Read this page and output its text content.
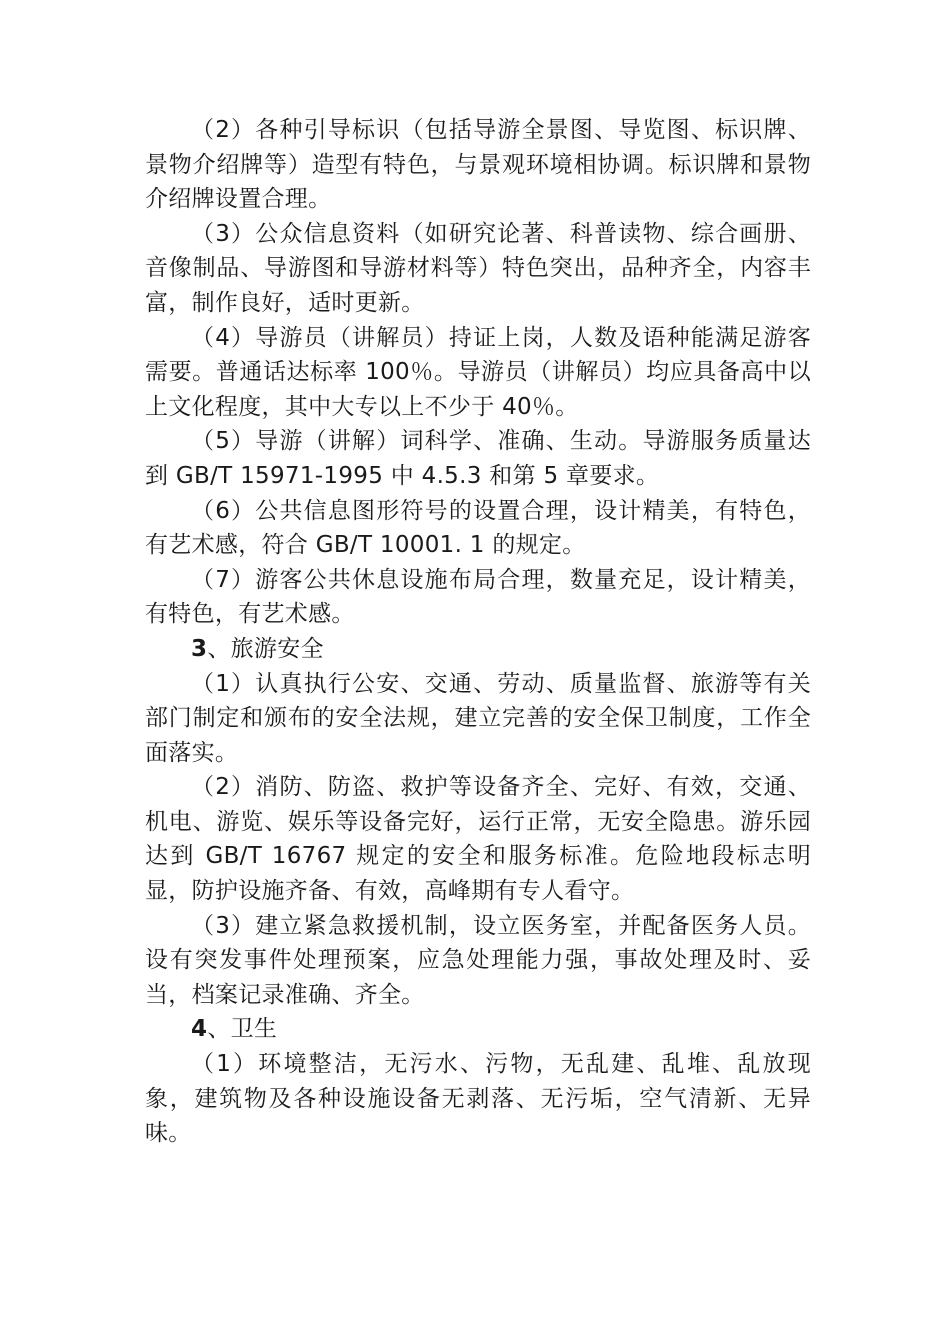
（2）各种引导标识（包括导游全景图、导览图、标识牌、景物介绍牌等）造型有特色，与景观环境相协调。标识牌和景物介绍牌设置合理。

（3）公众信息资料（如研究论著、科普读物、综合画册、音像制品、导游图和导游材料等）特色突出，品种齐全，内容丰富，制作良好，适时更新。

（4）导游员（讲解员）持证上岗，人数及语种能满足游客需要。普通话达标率 100％。导游员（讲解员）均应具备高中以上文化程度，其中大专以上不少于 40％。

（5）导游（讲解）词科学、准确、生动。导游服务质量达到 GB/T 15971-1995 中 4.5.3 和第 5 章要求。

（6）公共信息图形符号的设置合理，设计精美，有特色，有艺术感，符合 GB/T 10001. 1 的规定。

（7）游客公共休息设施布局合理，数量充足，设计精美，有特色，有艺术感。

3、旅游安全

（1）认真执行公安、交通、劳动、质量监督、旅游等有关部门制定和颁布的安全法规，建立完善的安全保卫制度，工作全面落实。

（2）消防、防盗、救护等设备齐全、完好、有效，交通、机电、游览、娱乐等设备完好，运行正常，无安全隐患。游乐园达到 GB/T 16767 规定的安全和服务标准。危险地段标志明显，防护设施齐备、有效，高峰期有专人看守。

（3）建立紧急救援机制，设立医务室，并配备医务人员。设有突发事件处理预案，应急处理能力强，事故处理及时、妥当，档案记录准确、齐全。

4、卫生

（1）环境整洁，无污水、污物，无乱建、乱堆、乱放现象，建筑物及各种设施设备无剥落、无污垢，空气清新、无异味。
